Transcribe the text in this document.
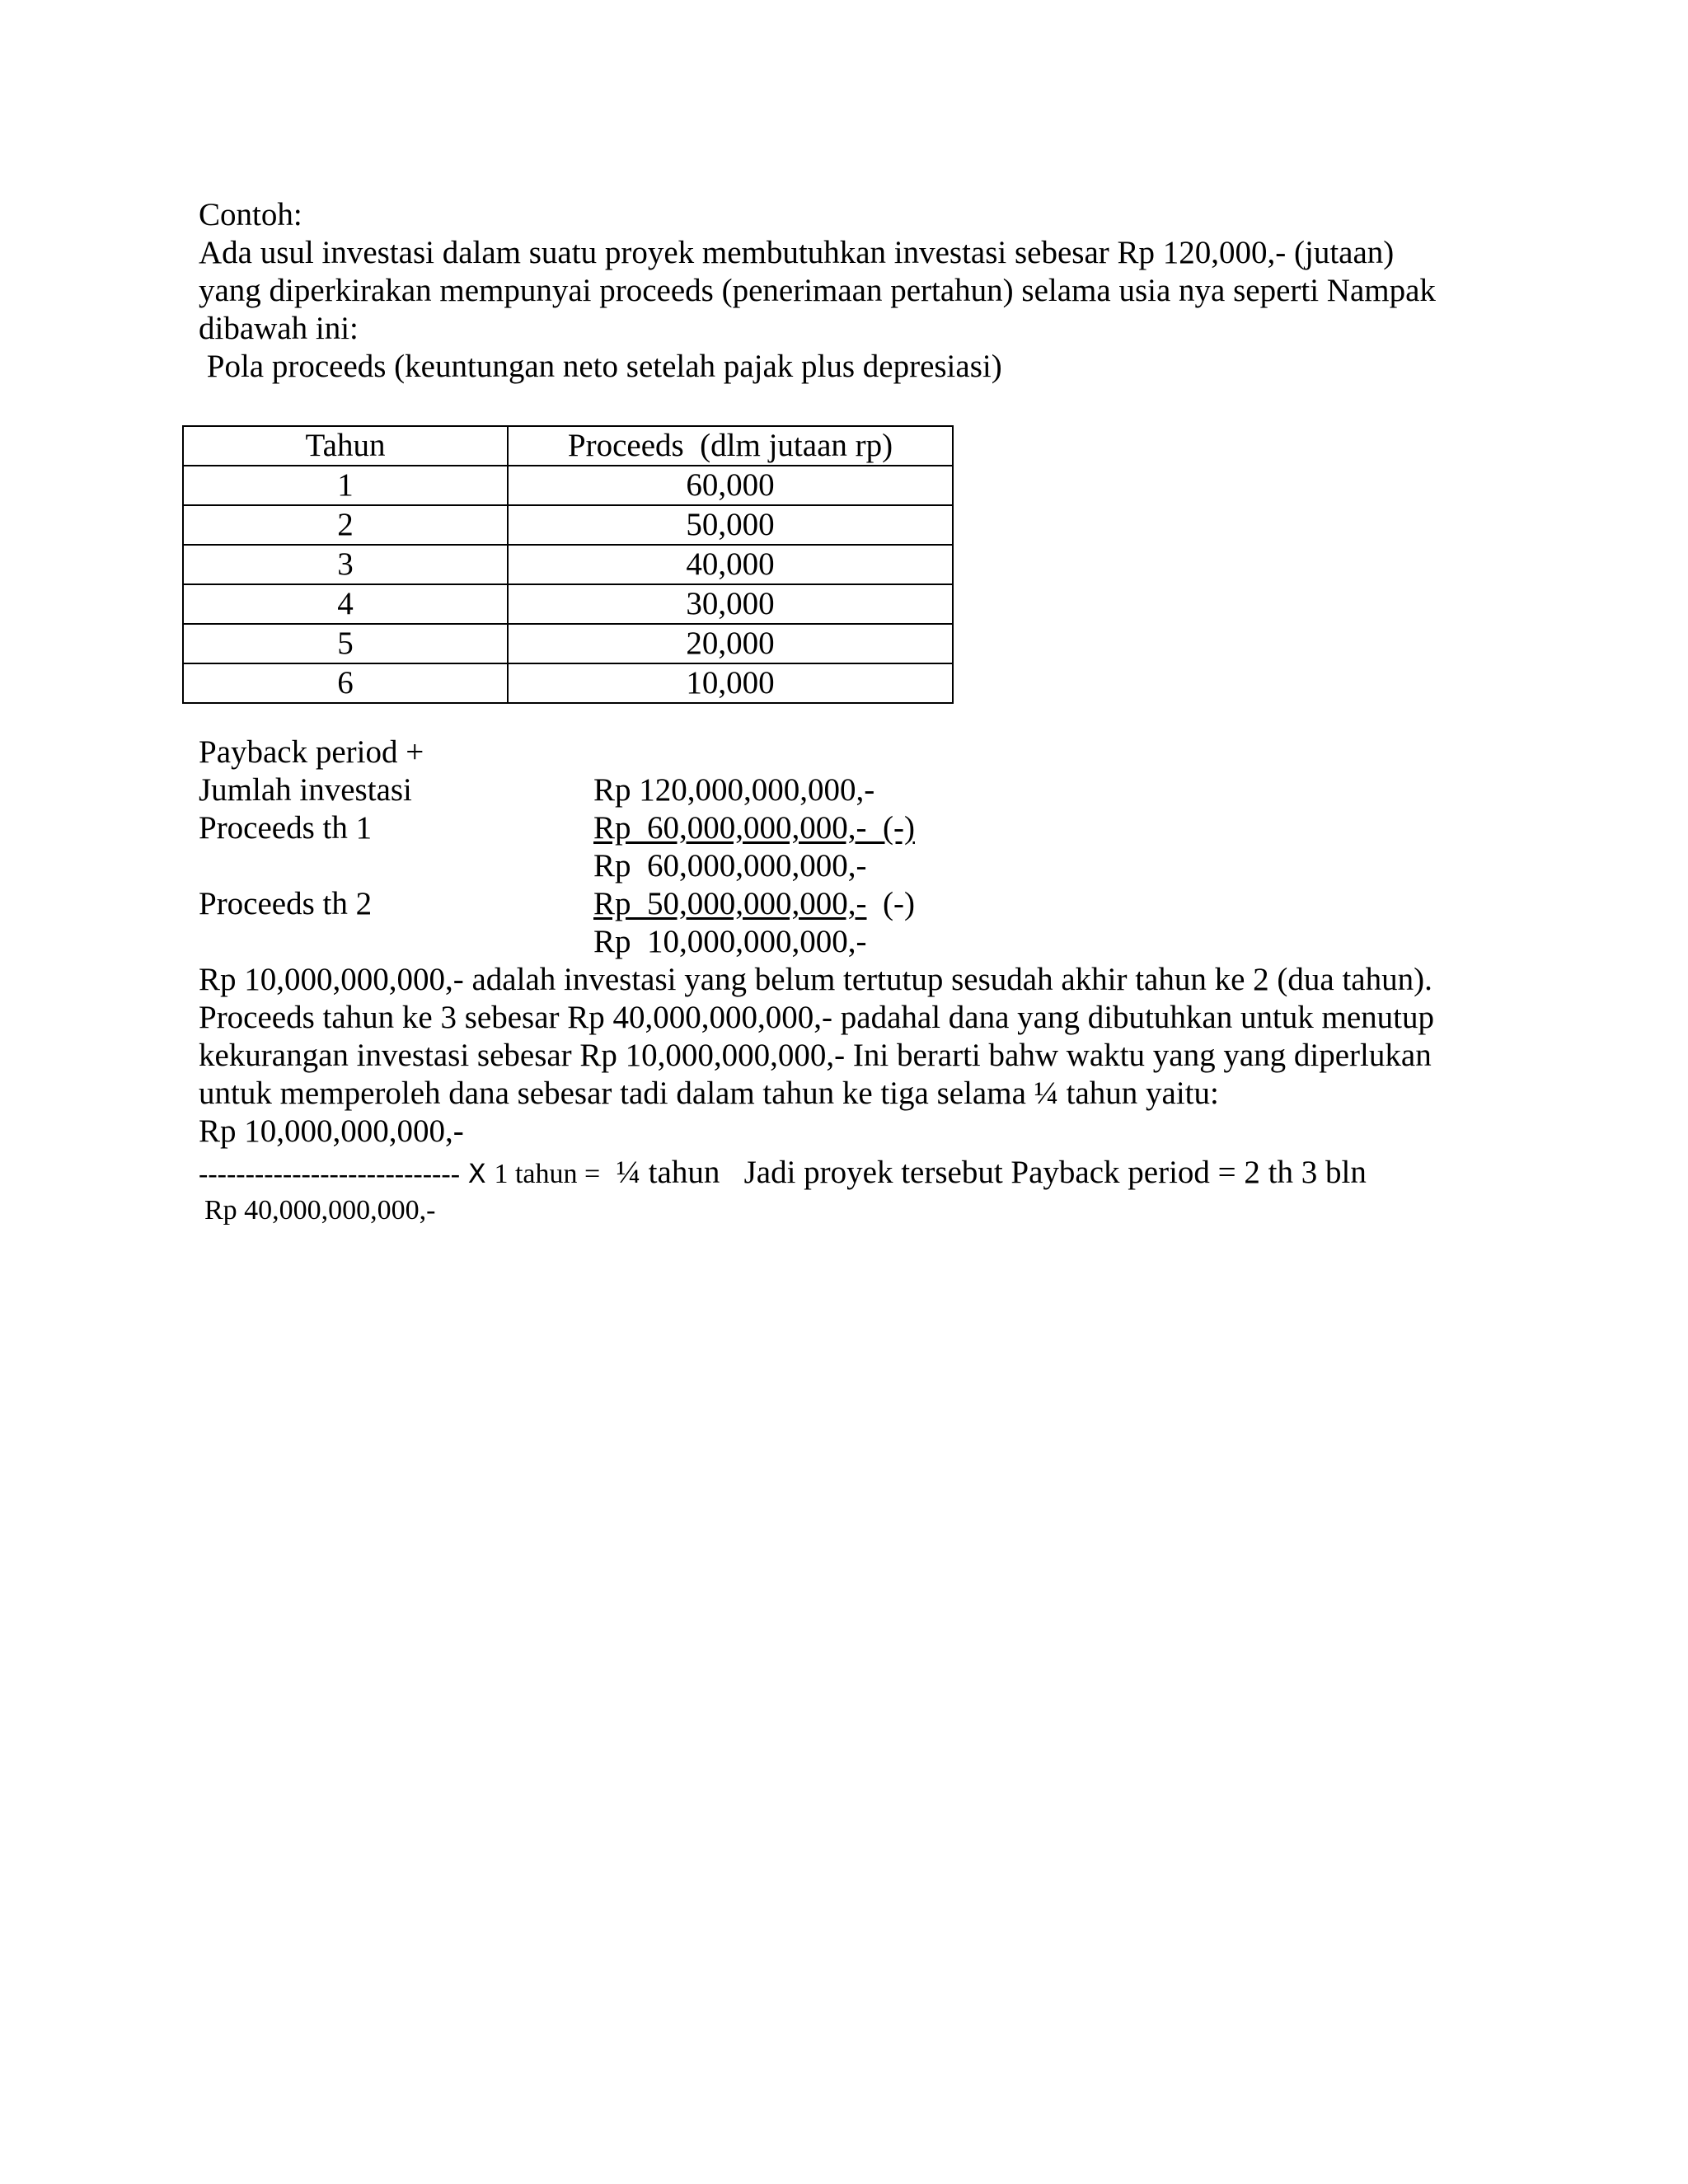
Contoh:
Ada usul investasi dalam suatu proyek membutuhkan investasi sebesar Rp 120,000,- (jutaan)
yang diperkirakan mempunyai proceeds (penerimaan pertahun) selama usia nya seperti Nampak
dibawah ini:
Pola proceeds (keuntungan neto setelah pajak plus depresiasi)
Tahun	Proceeds  (dlm jutaan rp)
1	60,000
2	50,000
3	40,000
4	30,000
5	20,000
6	10,000
Payback period +
Jumlah investasi	Rp 120,000,000,000,-
Proceeds th 1	Rp  60,000,000,000,-  (-)
Rp  60,000,000,000,-
Proceeds th 2	Rp  50,000,000,000,- (-)
Rp  10,000,000,000,-
Rp 10,000,000,000,- adalah investasi yang belum tertutup sesudah akhir tahun ke 2 (dua tahun).
Proceeds tahun ke 3 sebesar Rp 40,000,000,000,- padahal dana yang dibutuhkan untuk menutup
kekurangan investasi sebesar Rp 10,000,000,000,- Ini berarti bahw waktu yang yang diperlukan
untuk memperoleh dana sebesar tadi dalam tahun ke tiga selama ¼ tahun yaitu:
Rp 10,000,000,000,-
---------------------------- X 1 tahun =  ¼ tahun Jadi proyek tersebut Payback period = 2 th 3 bln
Rp 40,000,000,000,-
